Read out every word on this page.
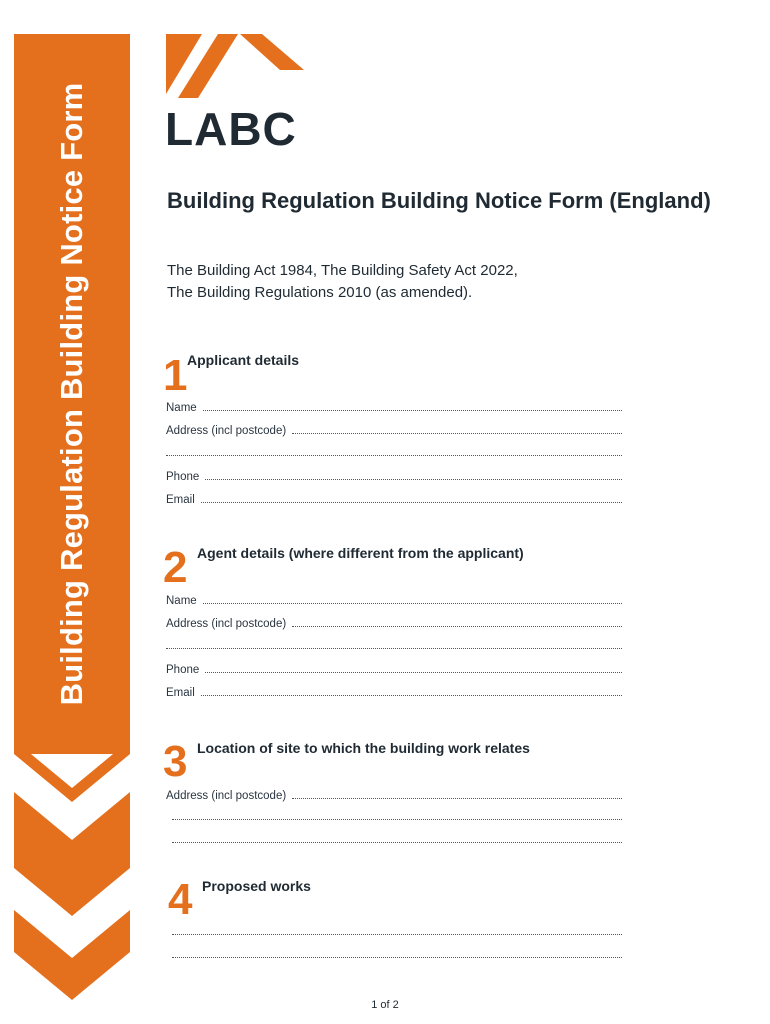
Building Regulation Building Notice Form LABC
Building Regulation Building Notice Form (England)
The Building Act 1984, The Building Safety Act 2022,
The Building Regulations 2010 (as amended).
1 Applicant details
Name
Address (incl postcode)
Phone
Email
2 Agent details (where different from the applicant)
Name
Address (incl postcode)
Phone
Email
3 Location of site to which the building work relates
Address (incl postcode)
4 Proposed works
1 of 2
